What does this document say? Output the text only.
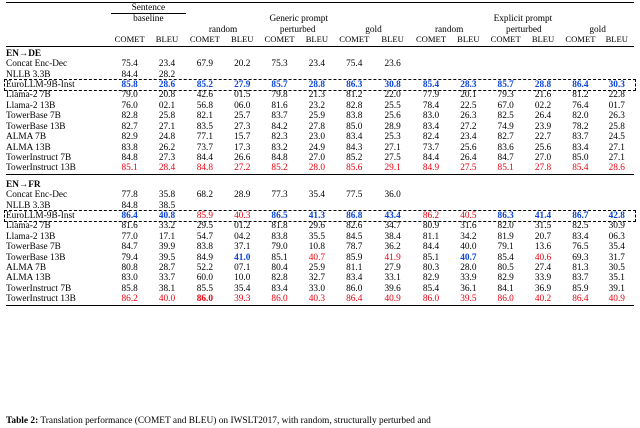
	Sentence													

	baseline		Generic prompt						Explicit prompt					
			random		perturbed		gold		random		perturbed		gold	
	COMET	BLEU	COMET	BLEU	COMET	BLEU	COMET	BLEU	COMET	BLEU	COMET	BLEU	COMET	BLEU
EN→DE														
Concat Enc-Dec	75.4	23.4	67.9	20.2	75.3	23.4	75.4	23.6						
NLLB 3.3B	84.4	28.2												
EuroLLM-9B-Inst	85.8	28.6	85.2	27.9	85.7	28.8	86.3	30.8	85.4	28.3	85.7	28.8	86.4	30.3
Llama-2 7B	79.0	20.8	42.6	01.5	79.8	21.3	81.2	22.0	77.9	20.1	79.3	21.6	81.2	22.8
Llama-2 13B	76.0	02.1	56.8	06.0	81.6	23.2	82.8	25.5	78.4	22.5	67.0	02.2	76.4	01.7
TowerBase 7B	82.8	25.8	82.1	25.7	83.7	25.9	83.8	25.6	83.0	26.3	82.5	26.4	82.0	26.3
TowerBase 13B	82.7	27.1	83.5	27.3	84.2	27.8	85.0	28.9	83.4	27.2	74.9	23.9	78.2	25.8
ALMA 7B	82.9	24.8	77.1	15.7	82.3	23.0	83.4	25.3	82.4	23.4	82.7	22.7	83.7	24.5
ALMA 13B	83.8	26.2	73.7	17.3	83.2	24.9	84.3	27.1	73.7	25.6	83.6	25.6	83.4	27.1
TowerInstruct 7B	84.8	27.3	84.4	26.6	84.8	27.0	85.2	27.5	84.4	26.4	84.7	27.0	85.0	27.1
TowerInstruct 13B	85.1	28.4	84.8	27.2	85.2	28.0	85.6	29.1	84.9	27.5	85.1	27.8	85.4	28.6

EN→FR														
Concat Enc-Dec	77.8	35.8	68.2	28.9	77.3	35.4	77.5	36.0						
NLLB 3.3B	84.8	38.5												
EuroLLM-9B-Inst	86.4	40.8	85.9	40.3	86.5	41.3	86.8	43.4	86.2	40.5	86.3	41.4	86.7	42.8
Llama-2 7B	81.6	33.2	29.5	01.2	81.8	29.6	82.6	34.7	80.9	31.6	82.0	31.5	82.5	30.9
Llama-2 13B	77.0	17.1	54.7	04.2	83.8	35.5	84.5	38.4	81.1	34.2	81.9	20.7	83.4	06.3
TowerBase 7B	84.7	39.9	83.8	37.1	79.0	10.8	78.7	36.2	84.4	40.0	79.1	13.6	76.5	35.4
TowerBase 13B	79.4	39.5	84.9	41.0	85.1	40.7	85.9	41.9	85.1	40.7	85.4	40.6	69.3	31.7
ALMA 7B	80.8	28.7	52.2	07.1	80.4	25.9	81.1	27.9	80.3	28.0	80.5	27.4	81.3	30.5
ALMA 13B	83.0	33.7	60.0	10.0	82.8	32.7	83.4	33.1	82.9	33.9	82.9	33.9	83.7	35.1
TowerInstruct 7B	85.8	38.1	85.5	35.4	83.4	33.0	86.0	39.6	85.4	36.1	84.1	36.9	85.9	39.1
TowerInstruct 13B	86.2	40.0	86.0	39.3	86.0	40.3	86.4	40.9	86.0	39.5	86.0	40.2	86.4	40.9

Table 2: Translation performance (COMET and BLEU) on IWSLT2017, with random, structurally perturbed and
